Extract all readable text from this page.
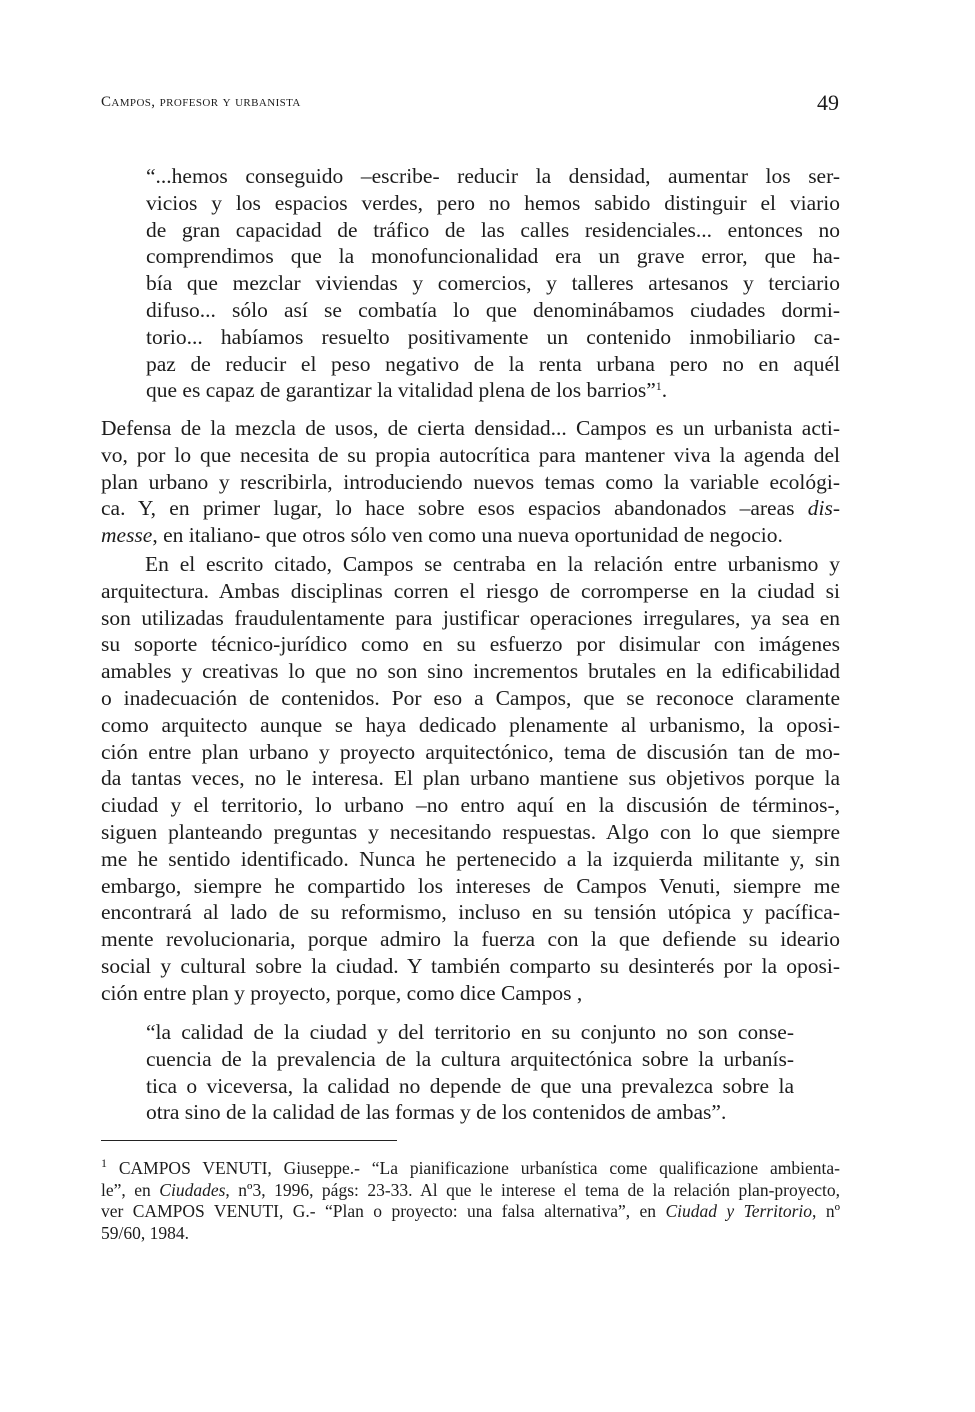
Campos, profesor y urbanista	49
“...hemos conseguido –escribe- reducir la densidad, aumentar los ser-
vicios y los espacios verdes, pero no hemos sabido distinguir el viario
de gran capacidad de tráfico de las calles residenciales... entonces no
comprendimos que la monofuncionalidad era un grave error, que ha-
bía que mezclar viviendas y comercios, y talleres artesanos y terciario
difuso... sólo así se combatía lo que denominábamos ciudades dormi-
torio... habíamos resuelto positivamente un contenido inmobiliario ca-
paz de reducir el peso negativo de la renta urbana pero no en aquél
que es capaz de garantizar la vitalidad plena de los barrios”$^1$.
Defensa de la mezcla de usos, de cierta densidad... Campos es un urbanista acti-
vo, por lo que necesita de su propia autocrítica para mantener viva la agenda del
plan urbano y rescribirla, introduciendo nuevos temas como la variable ecológi-
ca. Y, en primer lugar, lo hace sobre esos espacios abandonados –areas dis-
messe, en italiano- que otros sólo ven como una nueva oportunidad de negocio.
En el escrito citado, Campos se centraba en la relación entre urbanismo y
arquitectura. Ambas disciplinas corren el riesgo de corromperse en la ciudad si
son utilizadas fraudulentamente para justificar operaciones irregulares, ya sea en
su soporte técnico-jurídico como en su esfuerzo por disimular con imágenes
amables y creativas lo que no son sino incrementos brutales en la edificabilidad
o inadecuación de contenidos. Por eso a Campos, que se reconoce claramente
como arquitecto aunque se haya dedicado plenamente al urbanismo, la oposi-
ción entre plan urbano y proyecto arquitectónico, tema de discusión tan de mo-
da tantas veces, no le interesa. El plan urbano mantiene sus objetivos porque la
ciudad y el territorio, lo urbano –no entro aquí en la discusión de términos-,
siguen planteando preguntas y necesitando respuestas. Algo con lo que siempre
me he sentido identificado. Nunca he pertenecido a la izquierda militante y, sin
embargo, siempre he compartido los intereses de Campos Venuti, siempre me
encontrará al lado de su reformismo, incluso en su tensión utópica y pacífica-
mente revolucionaria, porque admiro la fuerza con la que defiende su ideario
social y cultural sobre la ciudad. Y también comparto su desinterés por la oposi-
ción entre plan y proyecto, porque, como dice Campos ,
“la calidad de la ciudad y del territorio en su conjunto no son conse-
cuencia de la prevalencia de la cultura arquitectónica sobre la urbanís-
tica o viceversa, la calidad no depende de que una prevalezca sobre la
otra sino de la calidad de las formas y de los contenidos de ambas”.
$^1$ CAMPOS VENUTI, Giuseppe.- “La pianificazione urbanística come qualificazione ambienta-
le”, en Ciudades, nº3, 1996, págs: 23-33. Al que le interese el tema de la relación plan-proyecto,
ver CAMPOS VENUTI, G.- “Plan o proyecto: una falsa alternativa”, en Ciudad y Territorio, nº
59/60, 1984.
